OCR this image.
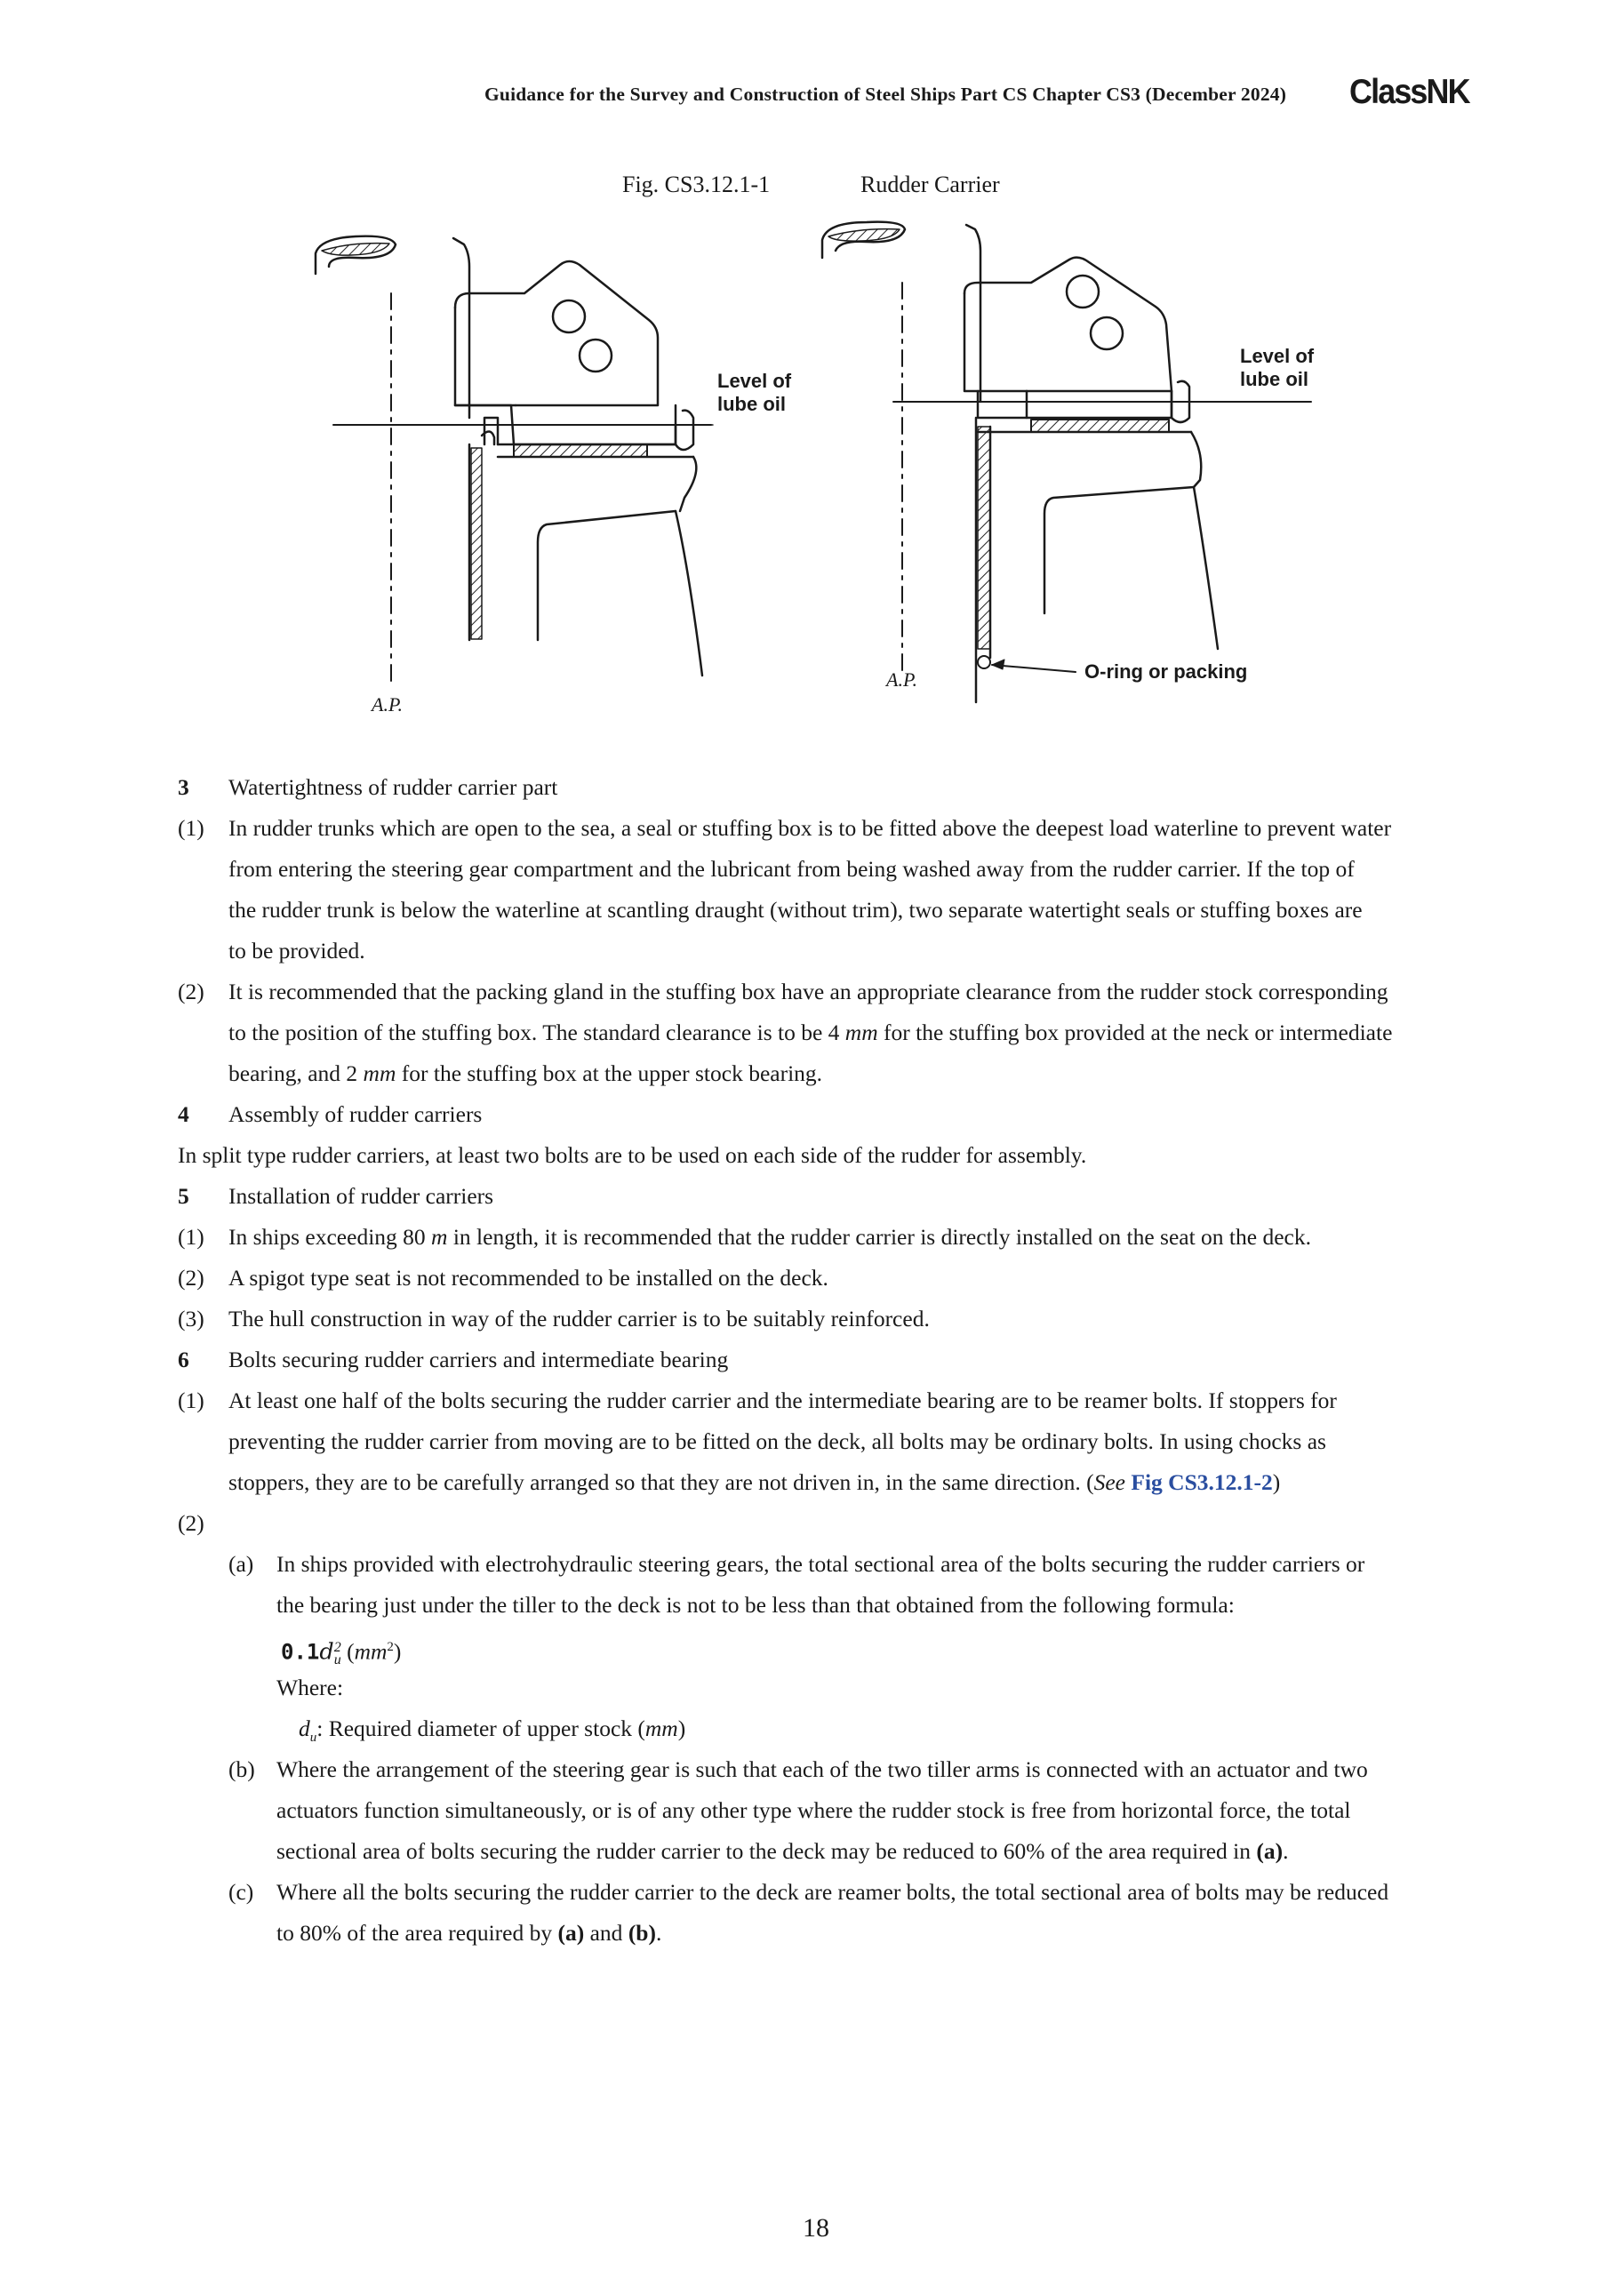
Guidance for the Survey and Construction of Steel Ships Part CS Chapter CS3 (December 2024) ClassNK
Fig. CS3.12.1-1	Rudder Carrier
Level of
lube oil
A.P.
Level of
lube oil
A.P.	O-ring or packing
3 Watertightness of rudder carrier part
(1) In rudder trunks which are open to the sea, a seal or stuffing box is to be fitted above the deepest load waterline to prevent water
from entering the steering gear compartment and the lubricant from being washed away from the rudder carrier. If the top of
the rudder trunk is below the waterline at scantling draught (without trim), two separate watertight seals or stuffing boxes are
to be provided.
(2) It is recommended that the packing gland in the stuffing box have an appropriate clearance from the rudder stock corresponding
to the position of the stuffing box. The standard clearance is to be 4 mm for the stuffing box provided at the neck or intermediate
bearing, and 2 mm for the stuffing box at the upper stock bearing.
4 Assembly of rudder carriers
In split type rudder carriers, at least two bolts are to be used on each side of the rudder for assembly.
5 Installation of rudder carriers
(1) In ships exceeding 80 m in length, it is recommended that the rudder carrier is directly installed on the seat on the deck.
(2) A spigot type seat is not recommended to be installed on the deck.
(3) The hull construction in way of the rudder carrier is to be suitably reinforced.
6 Bolts securing rudder carriers and intermediate bearing
(1) At least one half of the bolts securing the rudder carrier and the intermediate bearing are to be reamer bolts. If stoppers for
preventing the rudder carrier from moving are to be fitted on the deck, all bolts may be ordinary bolts. In using chocks as
stoppers, they are to be carefully arranged so that they are not driven in, in the same direction. (See Fig CS3.12.1-2)
(2)
(a) In ships provided with electrohydraulic steering gears, the total sectional area of the bolts securing the rudder carriers or
the bearing just under the tiller to the deck is not to be less than that obtained from the following formula:
0.1d 2
u $(mm^2)$
Where:
$d_u$: Required diameter of upper stock (mm)
(b) Where the arrangement of the steering gear is such that each of the two tiller arms is connected with an actuator and two
actuators function simultaneously, or is of any other type where the rudder stock is free from horizontal force, the total
sectional area of bolts securing the rudder carrier to the deck may be reduced to 60% of the area required in (a).
(c) Where all the bolts securing the rudder carrier to the deck are reamer bolts, the total sectional area of bolts may be reduced
to 80% of the area required by (a) and (b).
18
